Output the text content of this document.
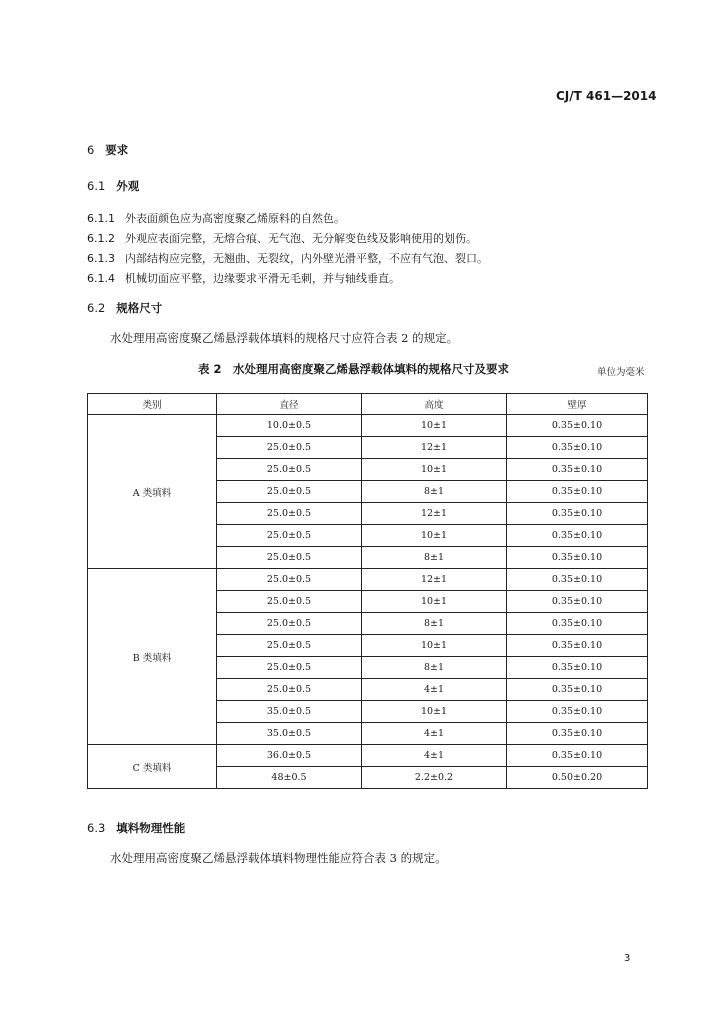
CJ/T 461—2014
6 要求
6.1 外观
6.1.1 外表面颜色应为高密度聚乙烯原料的自然色。
6.1.2 外观应表面完整，无熔合痕、无气泡、无分解变色线及影响使用的划伤。
6.1.3 内部结构应完整，无翘曲、无裂纹，内外壁光滑平整，不应有气泡、裂口。
6.1.4 机械切面应平整，边缘要求平滑无毛刺，并与轴线垂直。
6.2 规格尺寸
水处理用高密度聚乙烯悬浮载体填料的规格尺寸应符合表 2 的规定。
表 2　水处理用高密度聚乙烯悬浮载体填料的规格尺寸及要求	单位为毫米
类别	直径	高度	壁厚
A 类填料	10.0±0.5	10±1	0.35±0.10
	25.0±0.5	12±1	0.35±0.10
	25.0±0.5	10±1	0.35±0.10
	25.0±0.5	8±1	0.35±0.10
	25.0±0.5	12±1	0.35±0.10
	25.0±0.5	10±1	0.35±0.10
	25.0±0.5	8±1	0.35±0.10
B 类填料	25.0±0.5	12±1	0.35±0.10
	25.0±0.5	10±1	0.35±0.10
	25.0±0.5	8±1	0.35±0.10
	25.0±0.5	10±1	0.35±0.10
	25.0±0.5	8±1	0.35±0.10
	25.0±0.5	4±1	0.35±0.10
	35.0±0.5	10±1	0.35±0.10
	35.0±0.5	4±1	0.35±0.10
C 类填料	36.0±0.5	4±1	0.35±0.10
	48±0.5	2.2±0.2	0.50±0.20
6.3 填料物理性能
水处理用高密度聚乙烯悬浮载体填料物理性能应符合表 3 的规定。
3
